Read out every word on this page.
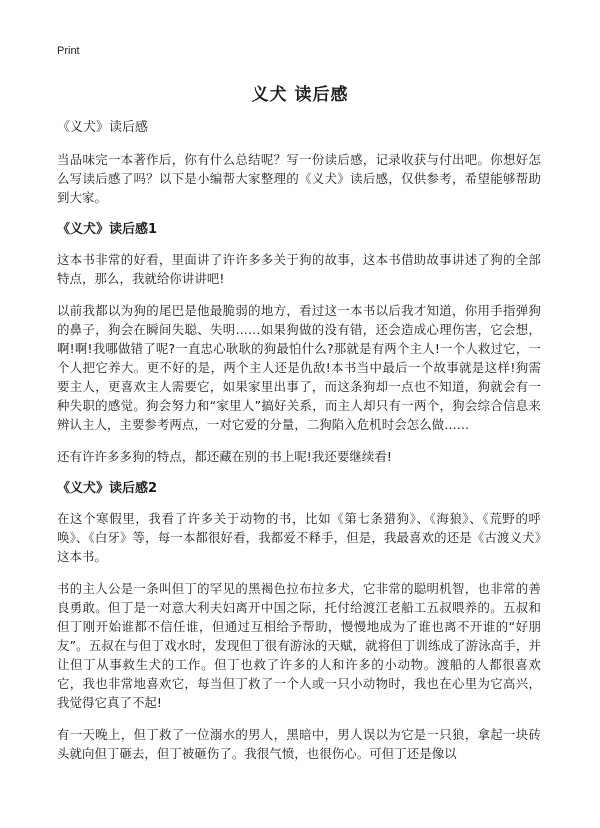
Print
义犬 读后感
《义犬》读后感

当品味完一本著作后，你有什么总结呢？写一份读后感，记录收获与付出吧。你想好怎么写读后感了吗？以下是小编帮大家整理的《义犬》读后感，仅供参考，希望能够帮助到大家。

《义犬》读后感1

这本书非常的好看，里面讲了许许多多关于狗的故事，这本书借助故事讲述了狗的全部特点，那么，我就给你讲讲吧!

以前我都以为狗的尾巴是他最脆弱的地方，看过这一本书以后我才知道，你用手指弹狗的鼻子，狗会在瞬间失聪、失明……如果狗做的没有错，还会造成心理伤害，它会想，啊!啊!我哪做错了呢?一直忠心耿耿的狗最怕什么?那就是有两个主人!一个人救过它，一个人把它养大。更不好的是，两个主人还是仇敌!本书当中最后一个故事就是这样!狗需要主人，更喜欢主人需要它，如果家里出事了，而这条狗却一点也不知道，狗就会有一种失职的感觉。狗会努力和“家里人”搞好关系，而主人却只有一两个，狗会综合信息来辨认主人，主要参考两点，一对它爱的分量，二狗陷入危机时会怎么做……

还有许许多多狗的特点，都还藏在别的书上呢!我还要继续看!

《义犬》读后感2

在这个寒假里，我看了许多关于动物的书，比如《第七条猎狗》、《海狼》、《荒野的呼唤》、《白牙》等，每一本都很好看，我都爱不释手，但是，我最喜欢的还是《古渡义犬》这本书。

书的主人公是一条叫但丁的罕见的黑褐色拉布拉多犬，它非常的聪明机智，也非常的善良勇敢。但丁是一对意大利夫妇离开中国之际，托付给渡江老船工五叔喂养的。五叔和但丁刚开始谁都不信任谁，但通过互相给予帮助，慢慢地成为了谁也离不开谁的“好朋友”。五叔在与但丁戏水时，发现但丁很有游泳的天赋，就将但丁训练成了游泳高手，并让但丁从事救生犬的工作。但丁也救了许多的人和许多的小动物。渡船的人都很喜欢它，我也非常地喜欢它，每当但丁救了一个人或一只小动物时，我也在心里为它高兴，我觉得它真了不起!

有一天晚上，但丁救了一位溺水的男人，黑暗中，男人误以为它是一只狼，拿起一块砖头就向但丁砸去，但丁被砸伤了。我很气愤，也很伤心。可但丁还是像以
